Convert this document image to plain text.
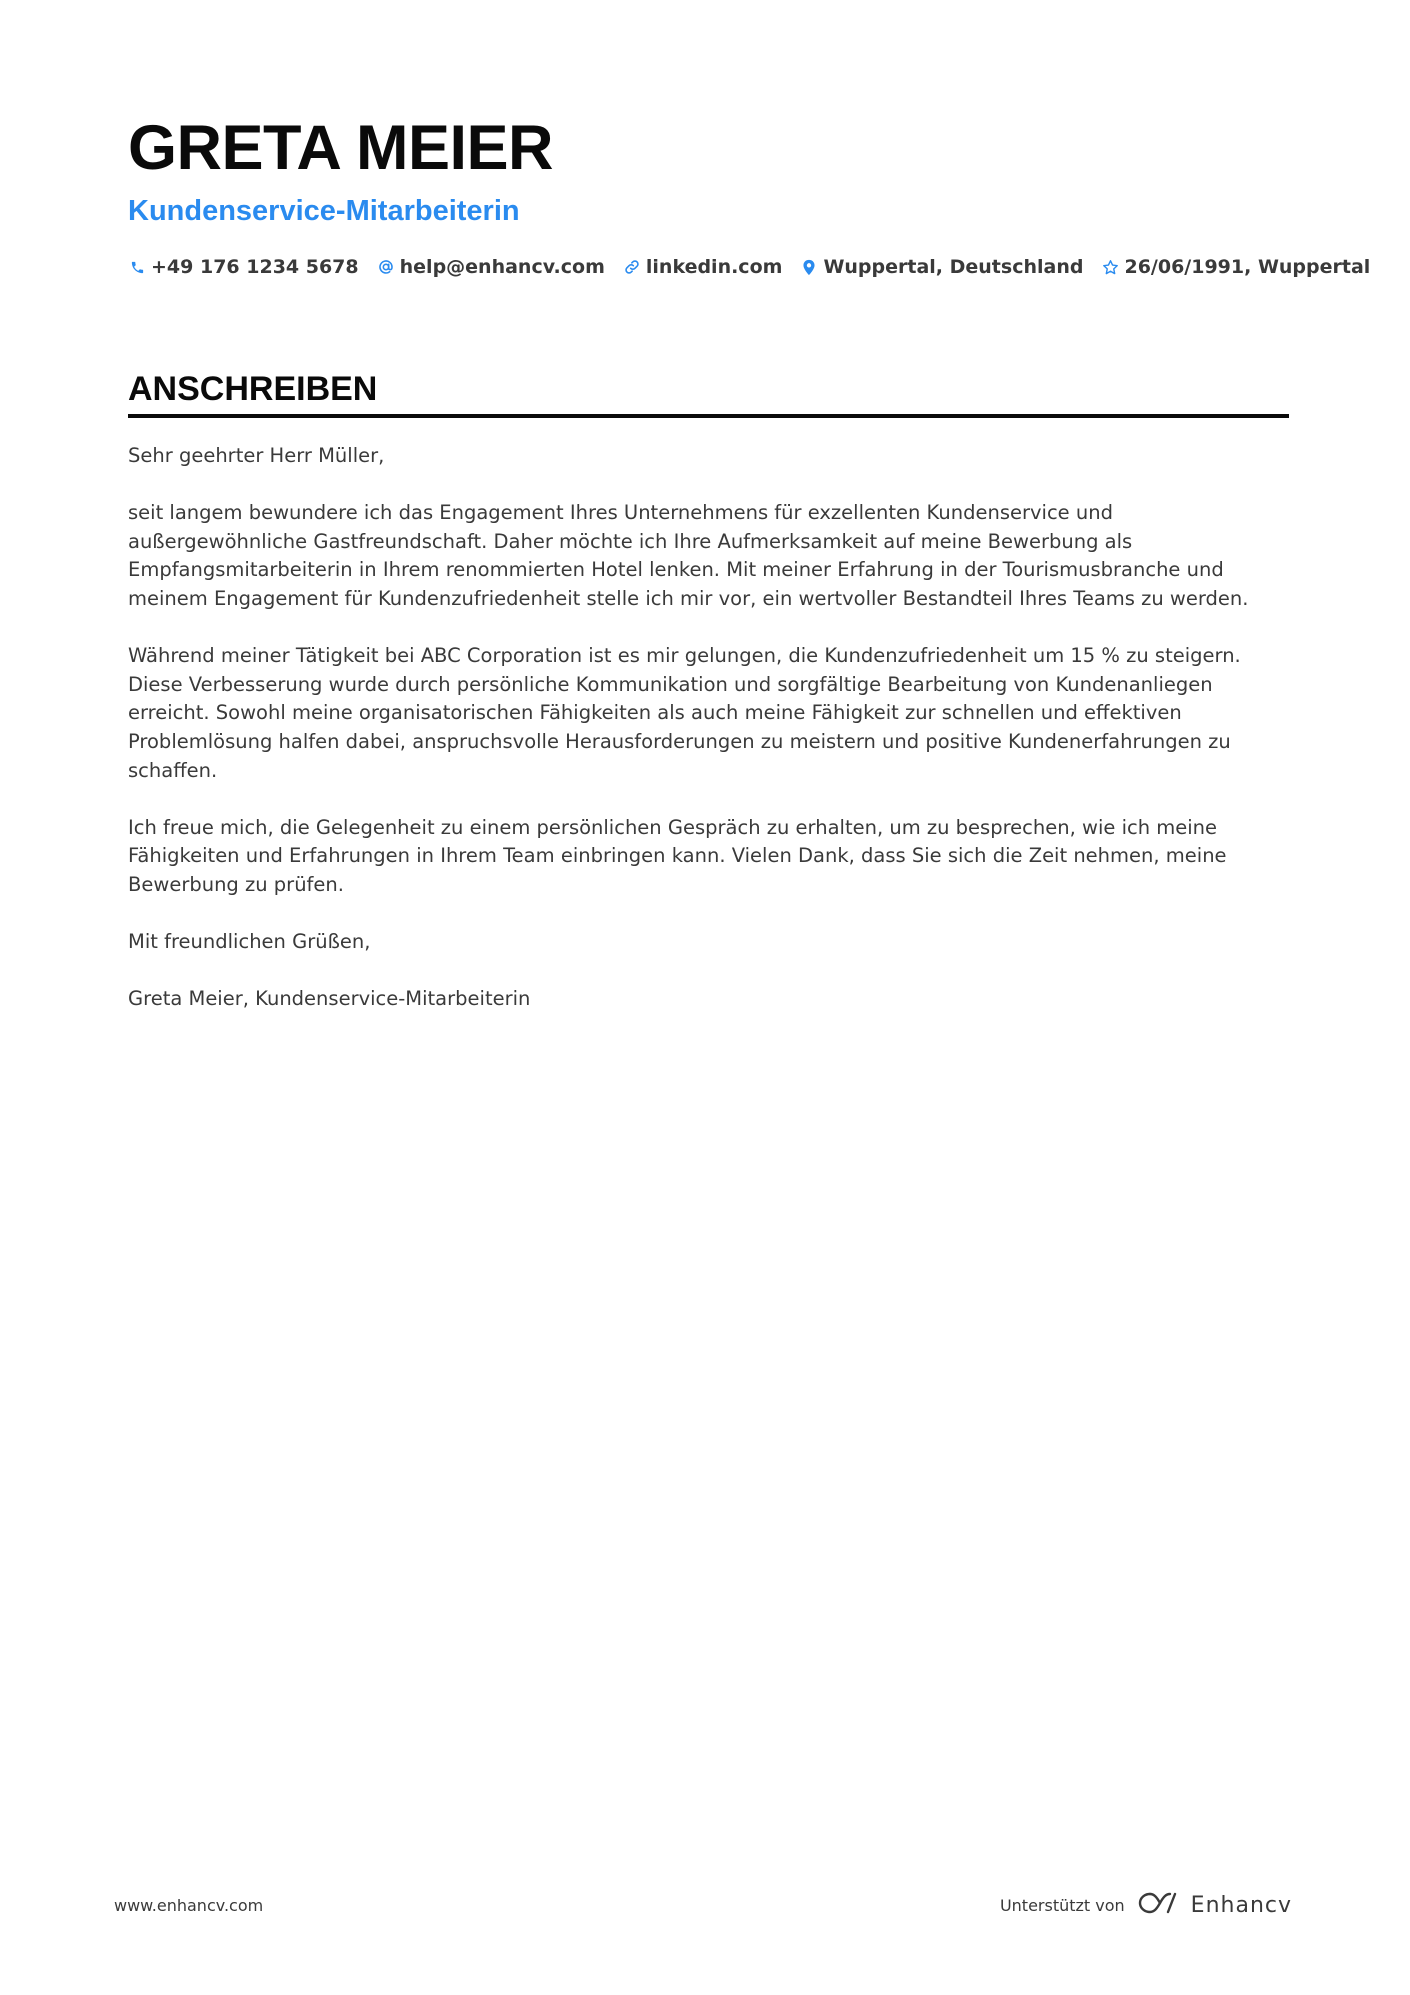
GRETA MEIER
Kundenservice-Mitarbeiterin
+49 176 1234 5678 help@enhancv.com linkedin.com Wuppertal, Deutschland 26/06/1991, Wuppertal
ANSCHREIBEN

Sehr geehrter Herr Müller,

seit langem bewundere ich das Engagement Ihres Unternehmens für exzellenten Kundenservice und außergewöhnliche Gastfreundschaft. Daher möchte ich Ihre Aufmerksamkeit auf meine Bewerbung als Empfangsmitarbeiterin in Ihrem renommierten Hotel lenken. Mit meiner Erfahrung in der Tourismusbranche und meinem Engagement für Kundenzufriedenheit stelle ich mir vor, ein wertvoller Bestandteil Ihres Teams zu werden.

Während meiner Tätigkeit bei ABC Corporation ist es mir gelungen, die Kundenzufriedenheit um 15 % zu steigern. Diese Verbesserung wurde durch persönliche Kommunikation und sorgfältige Bearbeitung von Kundenanliegen erreicht. Sowohl meine organisatorischen Fähigkeiten als auch meine Fähigkeit zur schnellen und effektiven Problemlösung halfen dabei, anspruchsvolle Herausforderungen zu meistern und positive Kundenerfahrungen zu schaffen.

Ich freue mich, die Gelegenheit zu einem persönlichen Gespräch zu erhalten, um zu besprechen, wie ich meine Fähigkeiten und Erfahrungen in Ihrem Team einbringen kann. Vielen Dank, dass Sie sich die Zeit nehmen, meine Bewerbung zu prüfen.

Mit freundlichen Grüßen,

Greta Meier, Kundenservice-Mitarbeiterin

www.enhancv.com	Unterstützt von	Enhancv
